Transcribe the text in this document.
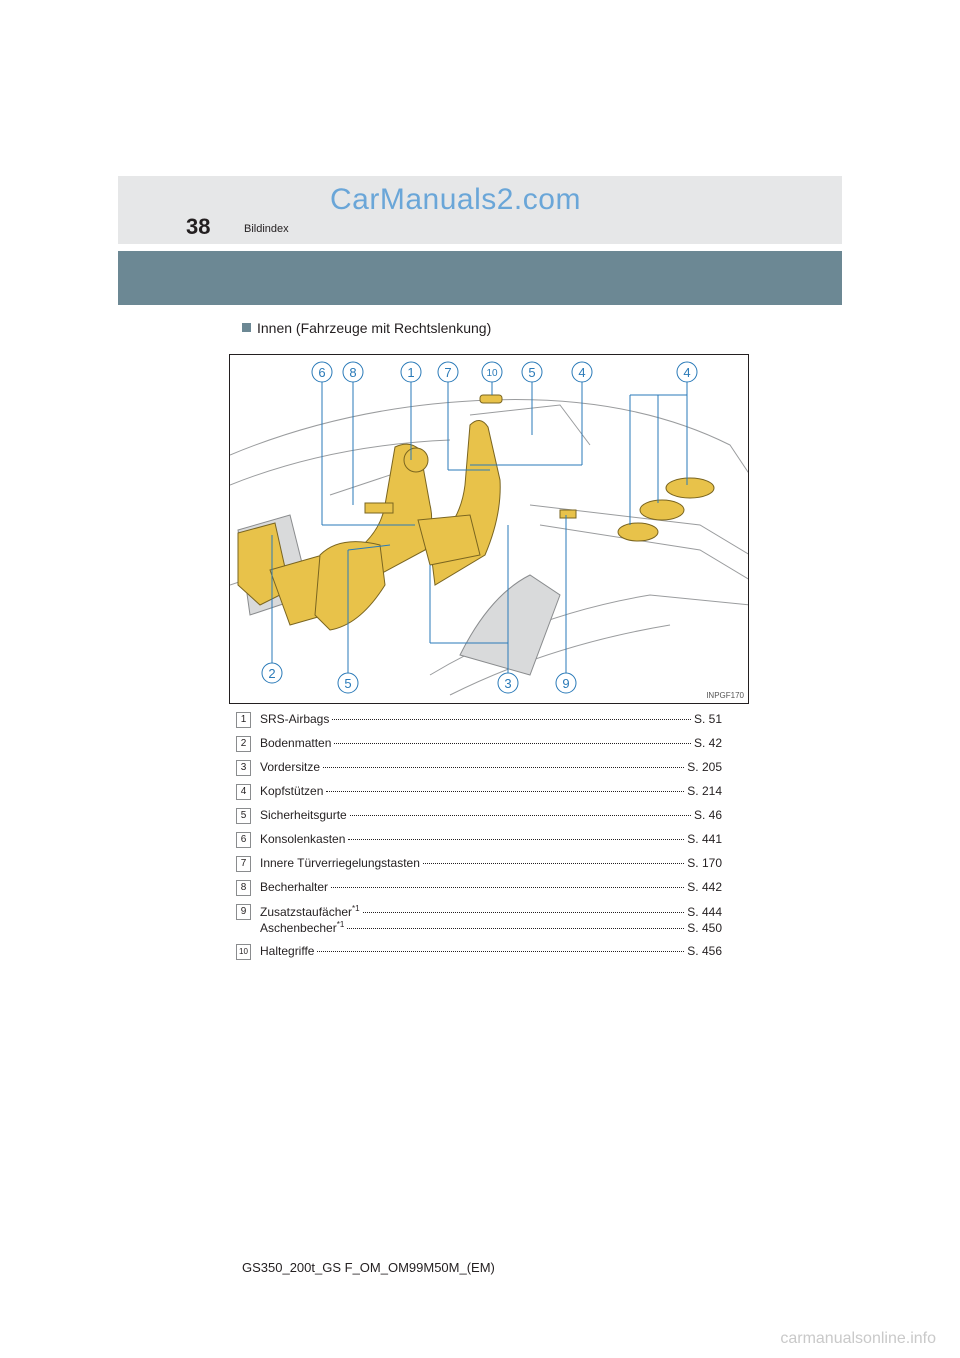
CarManuals2.com
38	Bildindex
Innen (Fahrzeuge mit Rechtslenkung)
6 8	1 7	10 5	4	4
2
5	3	9
INPGF170
1	SRS-Airbags	S. 51
2	Bodenmatten	S. 42
3	Vordersitze	S. 205
4	Kopfstützen	S. 214
5	Sicherheitsgurte	S. 46
6	Konsolenkasten	S. 441
7	Innere Türverriegelungstasten	S. 170
8	Becherhalter	S. 442
9	Zusatzstaufächer$^{*1}$	S. 444
Aschenbecher$^{*1}$	S. 450
10 Haltegriffe	S. 456
GS350_200t_GS F_OM_OM99M50M_(EM)
carmanualsonline.info
